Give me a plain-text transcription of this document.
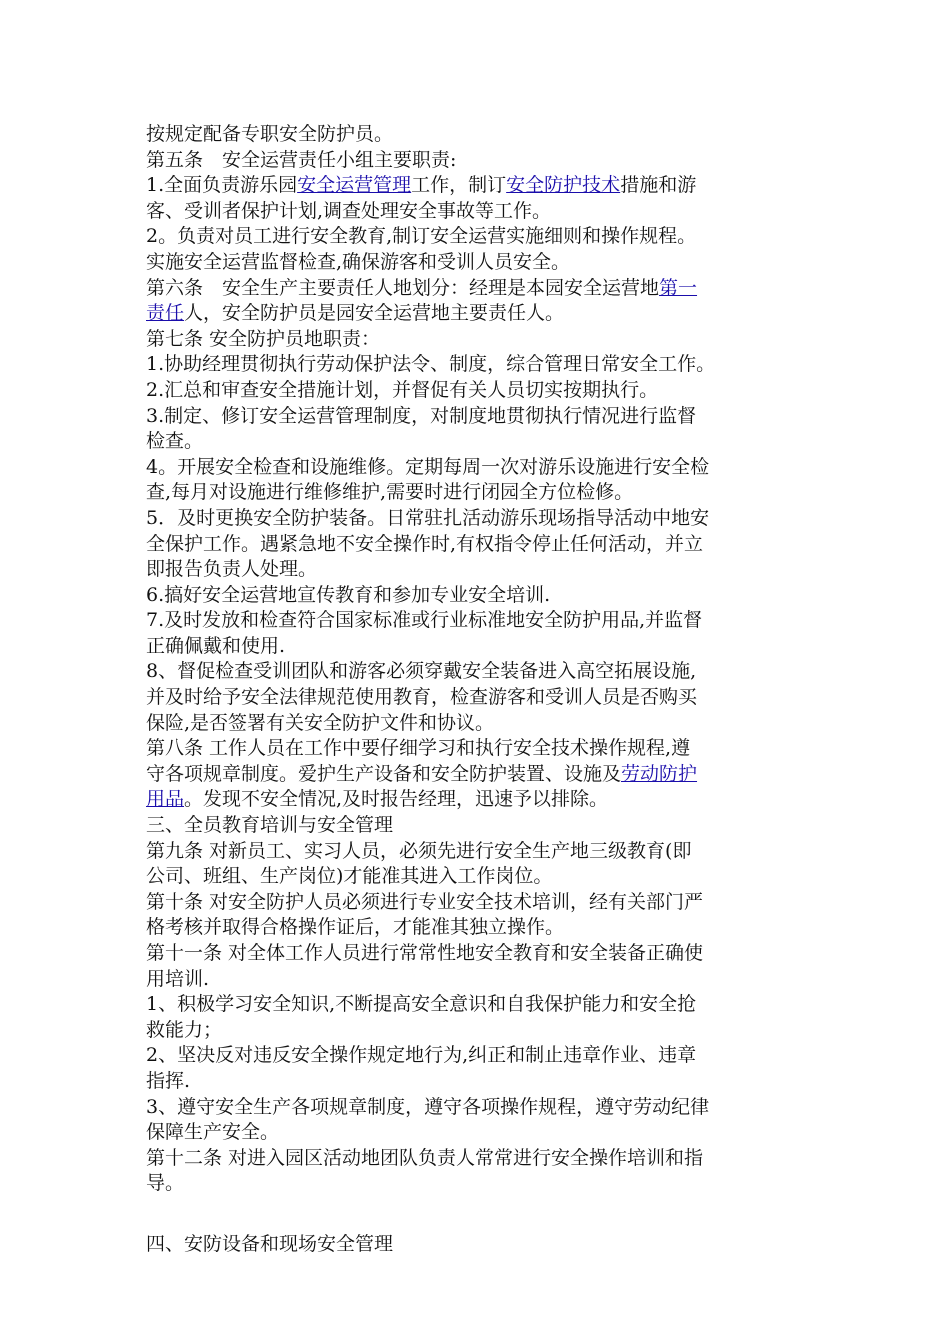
按规定配备专职安全防护员。
第五条　安全运营责任小组主要职责:
1.全面负责游乐园安全运营管理工作，制订安全防护技术措施和游
客、受训者保护计划,调查处理安全事故等工作。
2。负责对员工进行安全教育,制订安全运营实施细则和操作规程。
实施安全运营监督检查,确保游客和受训人员安全。
第六条　安全生产主要责任人地划分：经理是本园安全运营地第一
责任人，安全防护员是园安全运营地主要责任人。
第七条 安全防护员地职责：
1.协助经理贯彻执行劳动保护法令、制度，综合管理日常安全工作。
2.汇总和审查安全措施计划，并督促有关人员切实按期执行。
3.制定、修订安全运营管理制度，对制度地贯彻执行情况进行监督
检查。
4。开展安全检查和设施维修。定期每周一次对游乐设施进行安全检
查,每月对设施进行维修维护,需要时进行闭园全方位检修。
5．及时更换安全防护装备。日常驻扎活动游乐现场指导活动中地安
全保护工作。遇紧急地不安全操作时,有权指令停止任何活动，并立
即报告负责人处理。
6.搞好安全运营地宣传教育和参加专业安全培训.
7.及时发放和检查符合国家标准或行业标准地安全防护用品,并监督
正确佩戴和使用.
8、督促检查受训团队和游客必须穿戴安全装备进入高空拓展设施,
并及时给予安全法律规范使用教育，检查游客和受训人员是否购买
保险,是否签署有关安全防护文件和协议。
第八条 工作人员在工作中要仔细学习和执行安全技术操作规程,遵
守各项规章制度。爱护生产设备和安全防护装置、设施及劳动防护
用品。发现不安全情况,及时报告经理，迅速予以排除。
三、全员教育培训与安全管理
第九条 对新员工、实习人员，必须先进行安全生产地三级教育(即
公司、班组、生产岗位)才能准其进入工作岗位。
第十条 对安全防护人员必须进行专业安全技术培训，经有关部门严
格考核并取得合格操作证后，才能准其独立操作。
第十一条 对全体工作人员进行常常性地安全教育和安全装备正确使
用培训.
1、积极学习安全知识,不断提高安全意识和自我保护能力和安全抢
救能力；
2、坚决反对违反安全操作规定地行为,纠正和制止违章作业、违章
指挥.
3、遵守安全生产各项规章制度，遵守各项操作规程，遵守劳动纪律
保障生产安全。
第十二条 对进入园区活动地团队负责人常常进行安全操作培训和指
导。
四、安防设备和现场安全管理
